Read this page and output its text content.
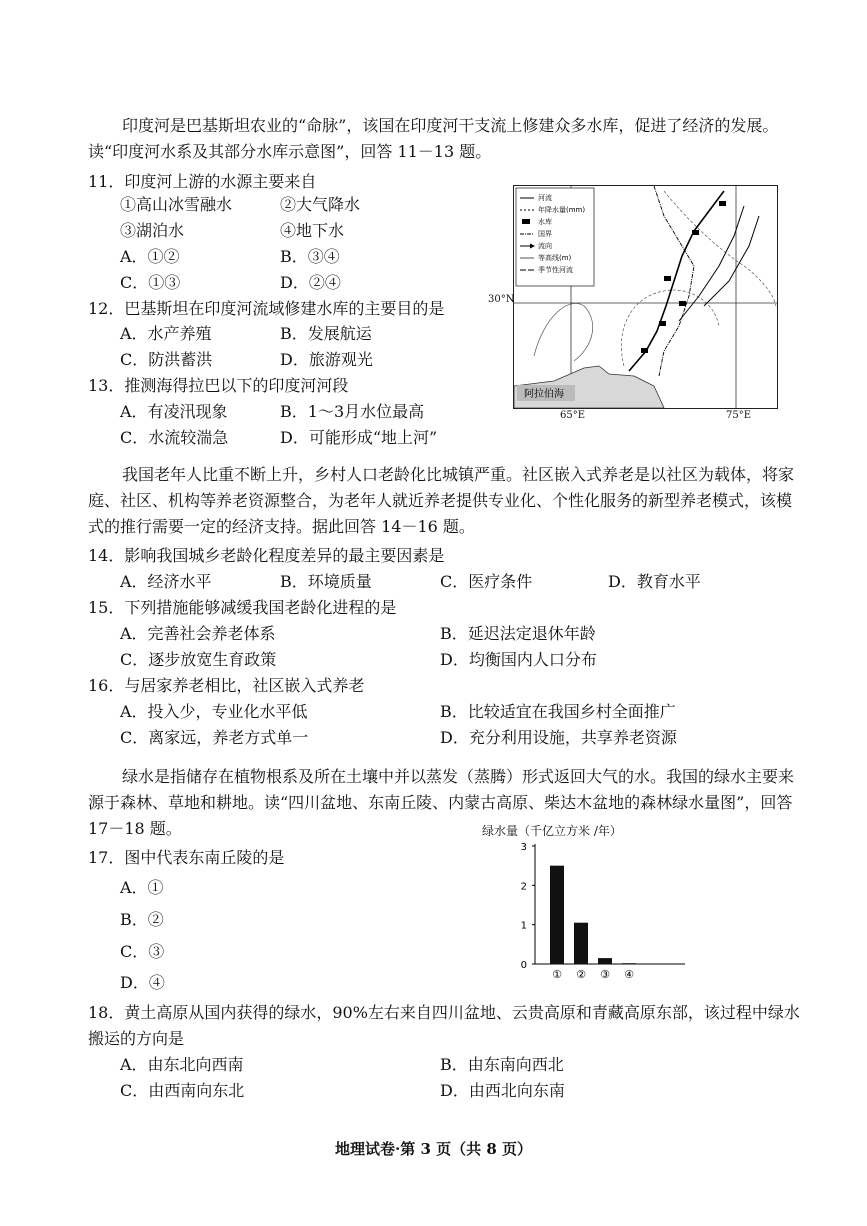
印度河是巴基斯坦农业的“命脉”，该国在印度河干支流上修建众多水库，促进了经济的发展。读“印度河水系及其部分水库示意图”，回答 11－13 题。
11．印度河上游的水源主要来自
①高山冰雪融水	②大气降水
③湖泊水	④地下水
A．①②	B．③④
C．①③	D．②④
12．巴基斯坦在印度河流域修建水库的主要目的是
A．水产养殖	B．发展航运
C．防洪蓄洪	D．旅游观光
13．推测海得拉巴以下的印度河河段
A．有凌汛现象	B．1～3月水位最高
C．水流较湍急	D．可能形成“地上河”
河流
年降水量(mm)
水库
国界
流向
等高线(m)
季节性河流
阿拉伯海
30°N
65°E	75°E
我国老年人比重不断上升，乡村人口老龄化比城镇严重。社区嵌入式养老是以社区为载体，将家庭、社区、机构等养老资源整合，为老年人就近养老提供专业化、个性化服务的新型养老模式，该模式的推行需要一定的经济支持。据此回答 14－16 题。
14．影响我国城乡老龄化程度差异的最主要因素是
A．经济水平	B．环境质量	C．医疗条件	D．教育水平
15．下列措施能够减缓我国老龄化进程的是
A．完善社会养老体系	B．延迟法定退休年龄
C．逐步放宽生育政策	D．均衡国内人口分布
16．与居家养老相比，社区嵌入式养老
A．投入少，专业化水平低	B．比较适宜在我国乡村全面推广
C．离家远，养老方式单一	D．充分利用设施，共享养老资源
绿水是指储存在植物根系及所在土壤中并以蒸发（蒸腾）形式返回大气的水。我国的绿水主要来源于森林、草地和耕地。读“四川盆地、东南丘陵、内蒙古高原、柴达木盆地的森林绿水量图”，回答 17－18 题。
17．图中代表东南丘陵的是
A．①
B．②
C．③
D．④
绿水量（千亿立方米 /年）
0
1
2
3
① ② ③ ④
18．黄土高原从国内获得的绿水，90%左右来自四川盆地、云贵高原和青藏高原东部，该过程中绿水搬运的方向是
A．由东北向西南	B．由东南向西北
C．由西南向东北	D．由西北向东南
地理试卷·第 3 页（共 8 页）
